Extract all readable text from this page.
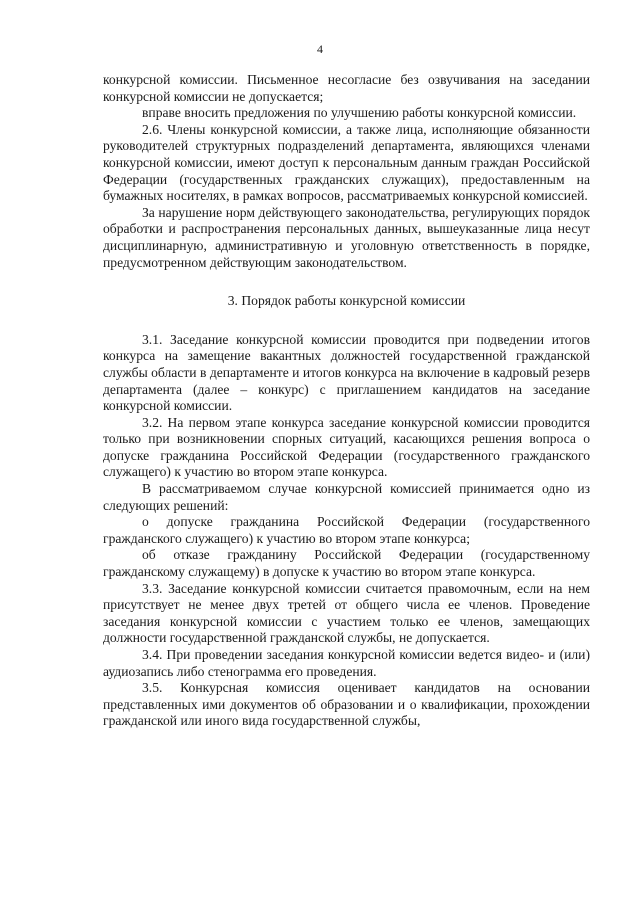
4

конкурсной комиссии. Письменное несогласие без озвучивания на заседании конкурсной комиссии не допускается;

вправе вносить предложения по улучшению работы конкурсной комиссии.

2.6. Члены конкурсной комиссии, а также лица, исполняющие обязанности руководителей структурных подразделений департамента, являющихся членами конкурсной комиссии, имеют доступ к персональным данным граждан Российской Федерации (государственных гражданских служащих), предоставленным на бумажных носителях, в рамках вопросов, рассматриваемых конкурсной комиссией.

За нарушение норм действующего законодательства, регулирующих порядок обработки и распространения персональных данных, вышеуказанные лица несут дисциплинарную, административную и уголовную ответственность в порядке, предусмотренном действующим законодательством.

3. Порядок работы конкурсной комиссии

3.1. Заседание конкурсной комиссии проводится при подведении итогов конкурса на замещение вакантных должностей государственной гражданской службы области в департаменте и итогов конкурса на включение в кадровый резерв департамента (далее – конкурс) с приглашением кандидатов на заседание конкурсной комиссии.

3.2. На первом этапе конкурса заседание конкурсной комиссии проводится только при возникновении спорных ситуаций, касающихся решения вопроса о допуске гражданина Российской Федерации (государственного гражданского служащего) к участию во втором этапе конкурса.

В рассматриваемом случае конкурсной комиссией принимается одно из следующих решений:

о допуске гражданина Российской Федерации (государственного гражданского служащего) к участию во втором этапе конкурса;

об отказе гражданину Российской Федерации (государственному гражданскому служащему) в допуске к участию во втором этапе конкурса.

3.3. Заседание конкурсной комиссии считается правомочным, если на нем присутствует не менее двух третей от общего числа ее членов. Проведение заседания конкурсной комиссии с участием только ее членов, замещающих должности государственной гражданской службы, не допускается.

3.4. При проведении заседания конкурсной комиссии ведется видео- и (или) аудиозапись либо стенограмма его проведения.

3.5. Конкурсная комиссия оценивает кандидатов на основании представленных ими документов об образовании и о квалификации, прохождении гражданской или иного вида государственной службы,
